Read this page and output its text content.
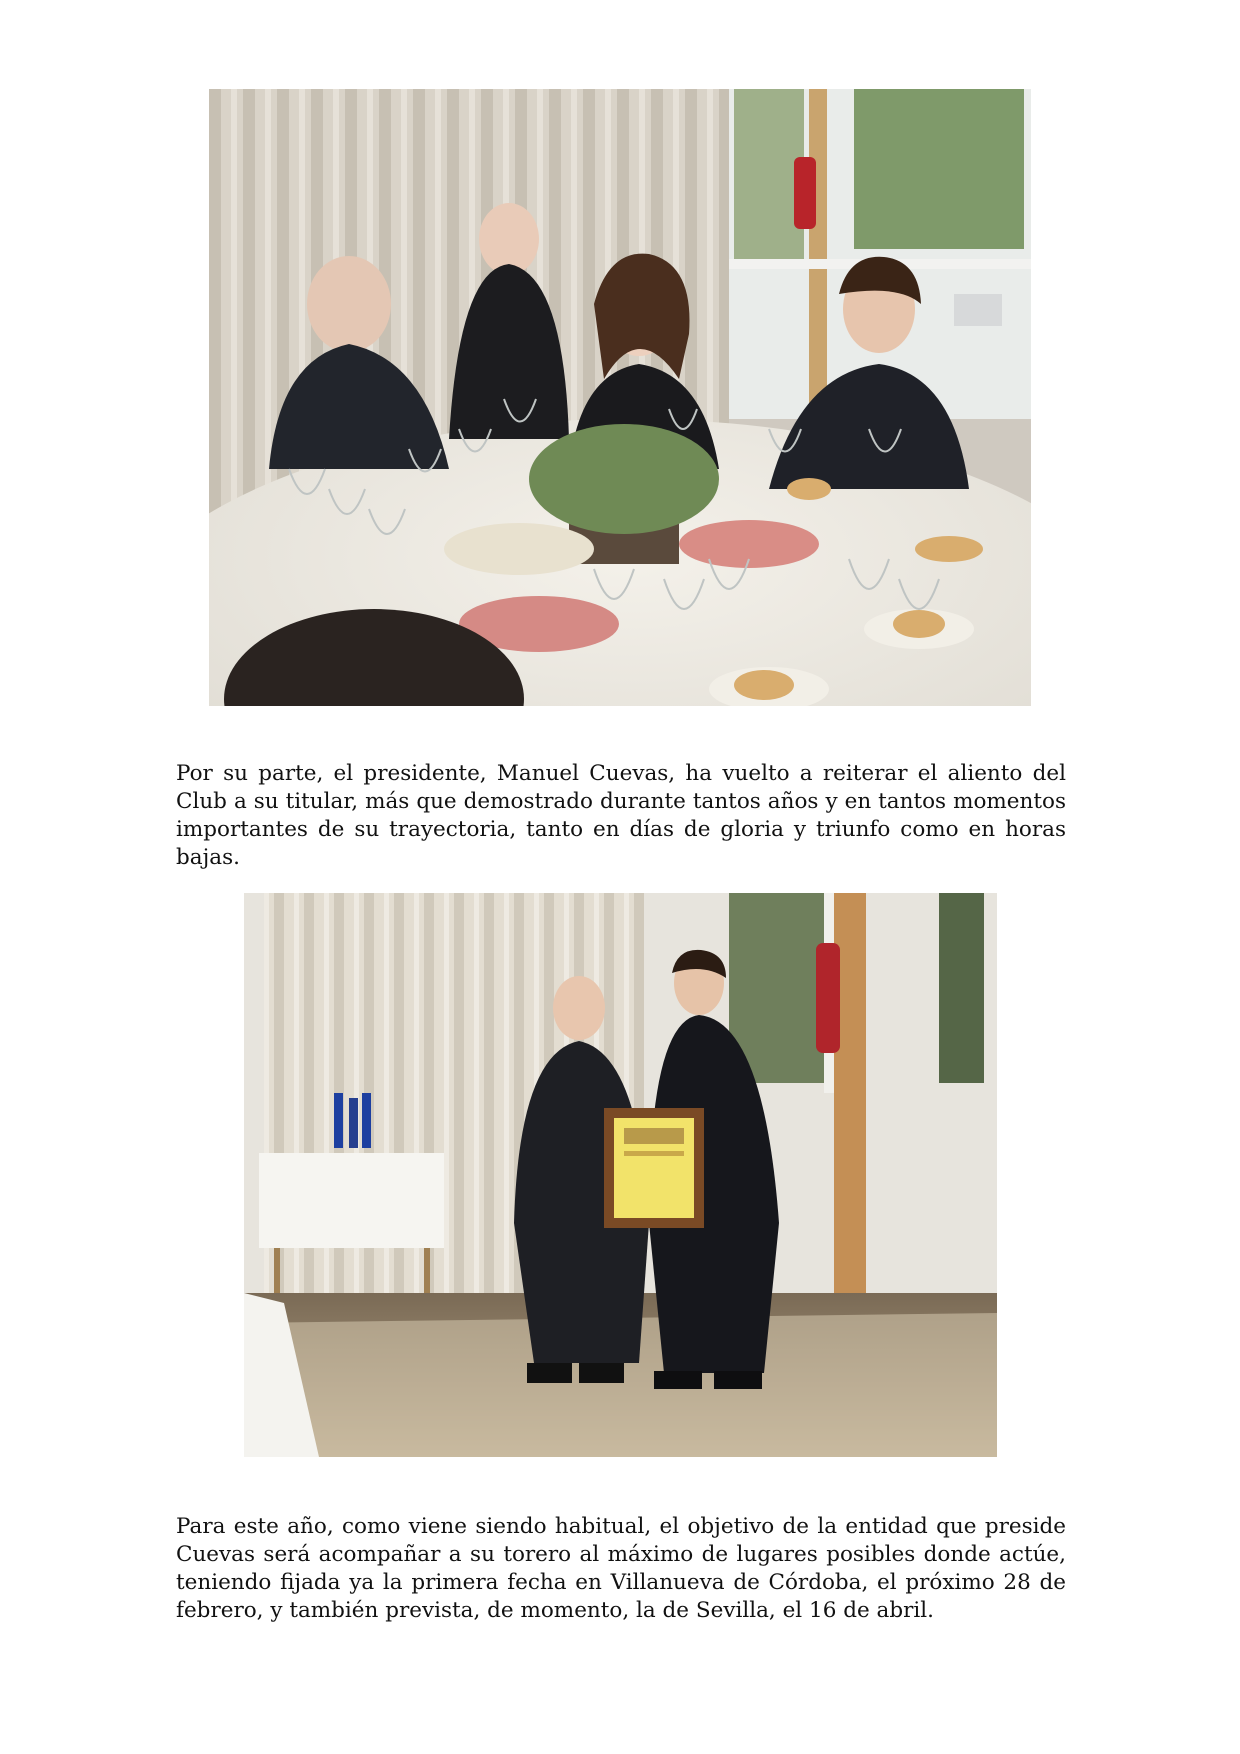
Por su parte, el presidente, Manuel Cuevas, ha vuelto a reiterar el aliento del Club a su titular, más que demostrado durante tantos años y en tantos momentos importantes de su trayectoria, tanto en días de gloria y triunfo como en horas bajas.

Para este año, como viene siendo habitual, el objetivo de la entidad que preside Cuevas será acompañar a su torero al máximo de lugares posibles donde actúe, teniendo fijada ya la primera fecha en Villanueva de Córdoba, el próximo 28 de febrero, y también prevista, de momento, la de Sevilla, el 16 de abril.
